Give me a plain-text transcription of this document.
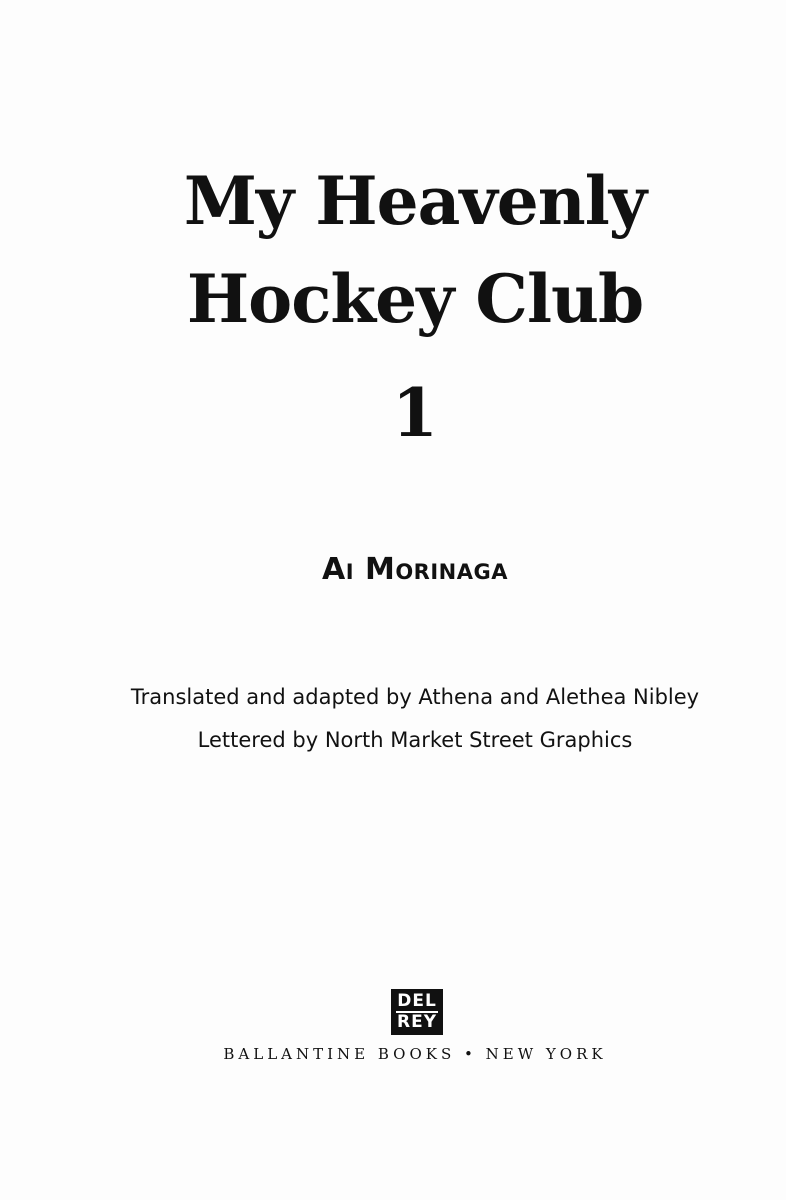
My Heavenly
Hockey Club
1
Ai Morinaga
Translated and adapted by Athena and Alethea Nibley
Lettered by North Market Street Graphics
DEL
REY
BALLANTINE BOOKS • NEW YORK
